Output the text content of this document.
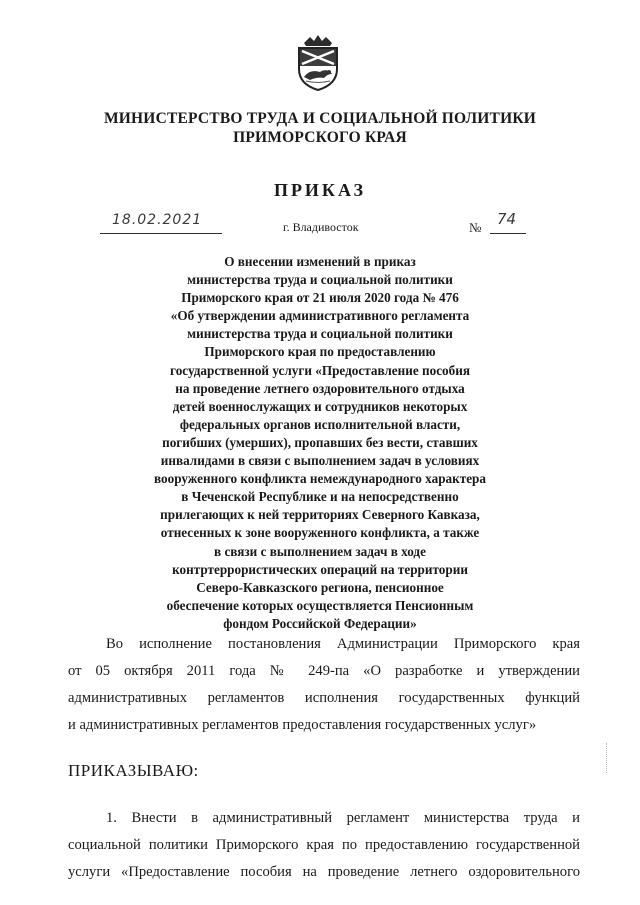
МИНИСТЕРСТВО ТРУДА И СОЦИАЛЬНОЙ ПОЛИТИКИ
ПРИМОРСКОГО КРАЯ
ПРИКАЗ
18.02.2021	г. Владивосток	№ 74
О внесении изменений в приказ
министерства труда и социальной политики
Приморского края от 21 июля 2020 года № 476
«Об утверждении административного регламента
министерства труда и социальной политики
Приморского края по предоставлению
государственной услуги «Предоставление пособия
на проведение летнего оздоровительного отдыха
детей военнослужащих и сотрудников некоторых
федеральных органов исполнительной власти,
погибших (умерших), пропавших без вести, ставших
инвалидами в связи с выполнением задач в условиях
вооруженного конфликта немеждународного характера
в Чеченской Республике и на непосредственно
прилегающих к ней территориях Северного Кавказа,
отнесенных к зоне вооруженного конфликта, а также
в связи с выполнением задач в ходе
контртеррористических операций на территории
Северо-Кавказского региона, пенсионное
обеспечение которых осуществляется Пенсионным
фондом Российской Федерации»
Во исполнение постановления Администрации Приморского края
от 05 октября 2011 года № 249-па «О разработке и утверждении
административных регламентов исполнения государственных функций
и административных регламентов предоставления государственных услуг»
ПРИКАЗЫВАЮ:
1. Внести в административный регламент министерства труда и
социальной политики Приморского края по предоставлению государственной
услуги «Предоставление пособия на проведение летнего оздоровительного
